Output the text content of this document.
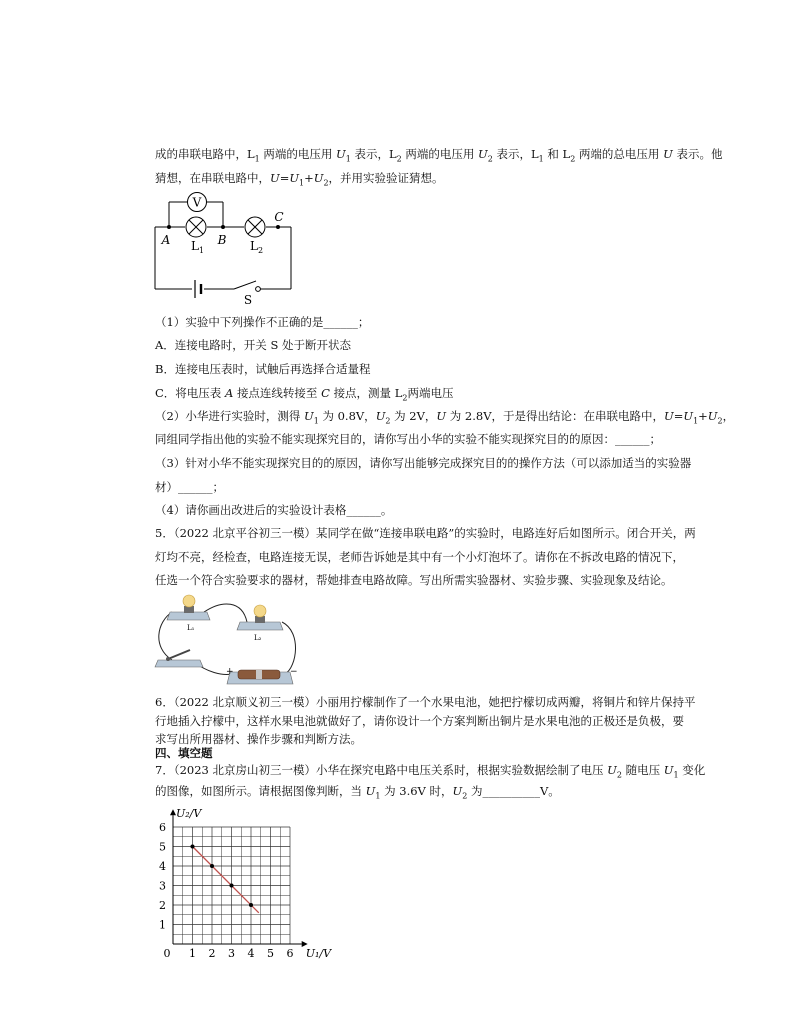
成的串联电路中，$L_1$ 两端的电压用 $U_1$ 表示，$L_2$ 两端的电压用 $U_2$ 表示，$L_1$ 和 $L_2$ 两端的总电压用 U 表示。他
猜想，在串联电路中，$U=U_1+U_2$，并用实验验证猜想。
V
A	B
C
L 1	L 2
S
（1）实验中下列操作不正确的是______；
A．连接电路时，开关 S 处于断开状态
B．连接电压表时，试触后再选择合适量程
C．将电压表 A 接点连线转接至 C 接点，测量 $L_2$两端电压
（2）小华进行实验时，测得 $U_1$ 为 0.8V，$U_2$ 为 2V，U 为 2.8V，于是得出结论：在串联电路中，$U=U_1+U_2$，
同组同学指出他的实验不能实现探究目的，请你写出小华的实验不能实现探究目的的原因：______；
（3）针对小华不能实现探究目的的原因，请你写出能够完成探究目的的操作方法（可以添加适当的实验器
材）______；
（4）请你画出改进后的实验设计表格______。
5．（2022 北京平谷初三一模）某同学在做“连接串联电路”的实验时，电路连好后如图所示。闭合开关，两
灯均不亮，经检查，电路连接无误，老师告诉她是其中有一个小灯泡坏了。请你在不拆改电路的情况下，
任选一个符合实验要求的器材，帮她排查电路故障。写出所需实验器材、实验步骤、实验现象及结论。
L₁
L₂
+	−
6．（2022 北京顺义初三一模）小丽用拧檬制作了一个水果电池，她把拧檬切成两瓣，将铜片和锌片保持平
行地插入拧檬中，这样水果电池就做好了，请你设计一个方案判断出铜片是水果电池的正极还是负极，要
求写出所用器材、操作步骤和判断方法。
四、填空题
7．（2023 北京房山初三一模）小华在探究电路中电压关系时，根据实验数据绘制了电压 $U_2$ 随电压 $U_1$ 变化
的图像，如图所示。请根据图像判断，当 $U_1$ 为 3.6V 时，$U_2$ 为__________V。
0 1 2 3 4 5 6
1
2
3
4
5
6
U₂/V
U₁/V
